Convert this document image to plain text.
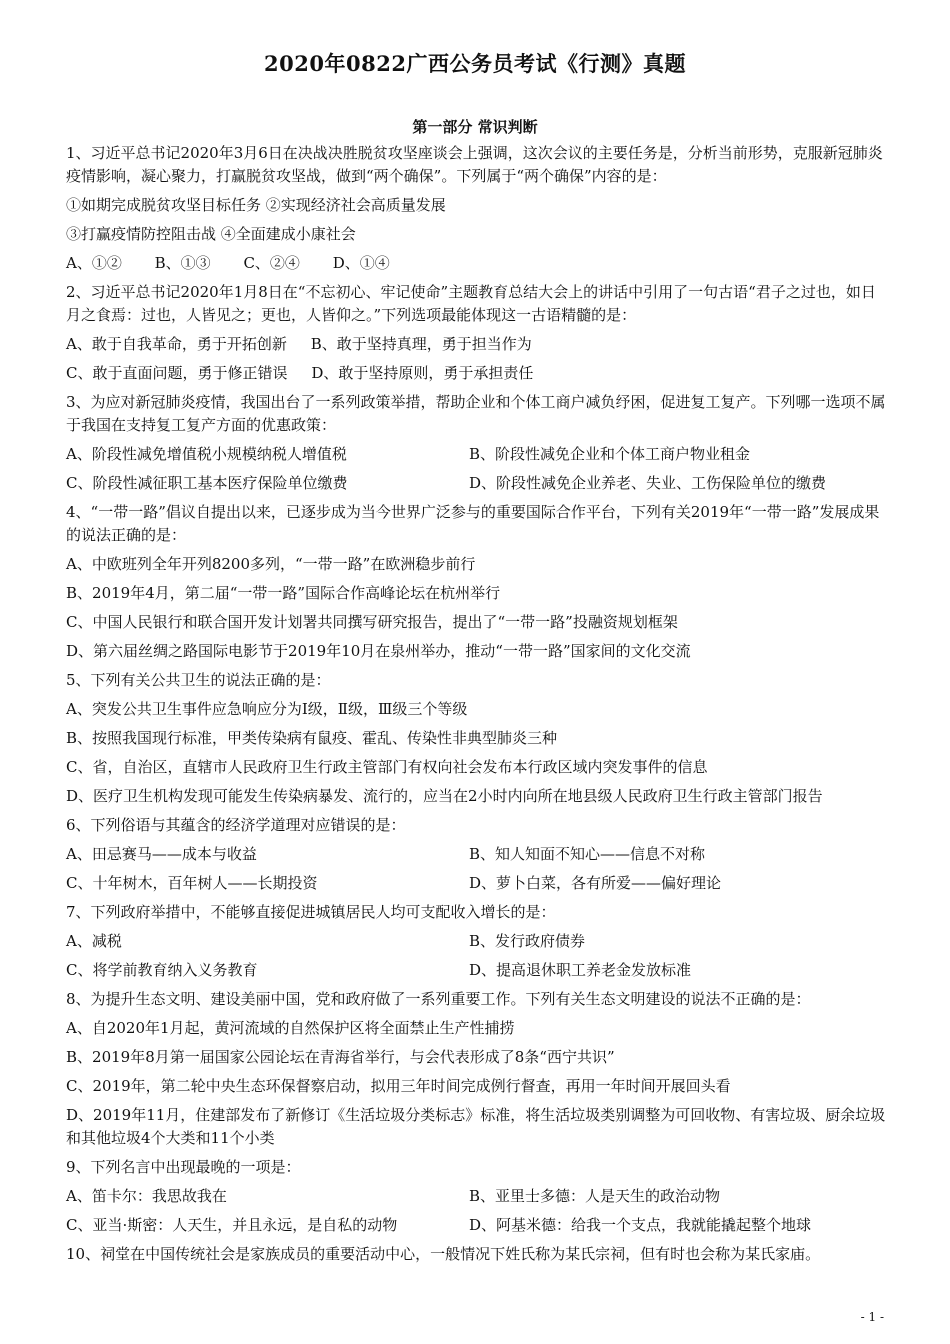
2020年0822广西公务员考试《行测》真题
第一部分 常识判断
1、习近平总书记2020年3月6日在决战决胜脱贫攻坚座谈会上强调，这次会议的主要任务是，分析当前形势，克服新冠肺炎疫情影响，凝心聚力，打赢脱贫攻坚战，做到“两个确保”。下列属于“两个确保”内容的是：
①如期完成脱贫攻坚目标任务 ②实现经济社会高质量发展
③打赢疫情防控阻击战 ④全面建成小康社会
A、①② B、①③ C、②④ D、①④
2、习近平总书记2020年1月8日在“不忘初心、牢记使命”主题教育总结大会上的讲话中引用了一句古语“君子之过也，如日月之食焉：过也，人皆见之；更也，人皆仰之。”下列选项最能体现这一古语精髓的是：
A、敢于自我革命，勇于开拓创新 B、敢于坚持真理，勇于担当作为
C、敢于直面问题，勇于修正错误 D、敢于坚持原则，勇于承担责任
3、为应对新冠肺炎疫情，我国出台了一系列政策举措，帮助企业和个体工商户减负纾困，促进复工复产。下列哪一选项不属于我国在支持复工复产方面的优惠政策：
A、阶段性减免增值税小规模纳税人增值税	B、阶段性减免企业和个体工商户物业租金
C、阶段性减征职工基本医疗保险单位缴费	D、阶段性减免企业养老、失业、工伤保险单位的缴费
4、“一带一路”倡议自提出以来，已逐步成为当今世界广泛参与的重要国际合作平台，下列有关2019年“一带一路”发展成果的说法正确的是：
A、中欧班列全年开列8200多列，“一带一路”在欧洲稳步前行
B、2019年4月，第二届“一带一路”国际合作高峰论坛在杭州举行
C、中国人民银行和联合国开发计划署共同撰写研究报告，提出了“一带一路”投融资规划框架
D、第六届丝绸之路国际电影节于2019年10月在泉州举办，推动“一带一路”国家间的文化交流
5、下列有关公共卫生的说法正确的是：
A、突发公共卫生事件应急响应分为Ⅰ级，Ⅱ级，Ⅲ级三个等级
B、按照我国现行标准，甲类传染病有鼠疫、霍乱、传染性非典型肺炎三种
C、省，自治区，直辖市人民政府卫生行政主管部门有权向社会发布本行政区域内突发事件的信息
D、医疗卫生机构发现可能发生传染病暴发、流行的，应当在2小时内向所在地县级人民政府卫生行政主管部门报告
6、下列俗语与其蕴含的经济学道理对应错误的是：
A、田忌赛马——成本与收益	B、知人知面不知心——信息不对称
C、十年树木，百年树人——长期投资	D、萝卜白菜，各有所爱——偏好理论
7、下列政府举措中，不能够直接促进城镇居民人均可支配收入增长的是：
A、减税	B、发行政府债券
C、将学前教育纳入义务教育	D、提高退休职工养老金发放标准
8、为提升生态文明、建设美丽中国，党和政府做了一系列重要工作。下列有关生态文明建设的说法不正确的是：
A、自2020年1月起，黄河流域的自然保护区将全面禁止生产性捕捞
B、2019年8月第一届国家公园论坛在青海省举行，与会代表形成了8条“西宁共识”
C、2019年，第二轮中央生态环保督察启动，拟用三年时间完成例行督查，再用一年时间开展回头看
D、2019年11月，住建部发布了新修订《生活垃圾分类标志》标准，将生活垃圾类别调整为可回收物、有害垃圾、厨余垃圾和其他垃圾4个大类和11个小类
9、下列名言中出现最晚的一项是：
A、笛卡尔：我思故我在	B、亚里士多德：人是天生的政治动物
C、亚当·斯密：人天生，并且永远，是自私的动物	D、阿基米德：给我一个支点，我就能撬起整个地球
10、祠堂在中国传统社会是家族成员的重要活动中心，一般情况下姓氏称为某氏宗祠，但有时也会称为某氏家庙。
- 1 -
